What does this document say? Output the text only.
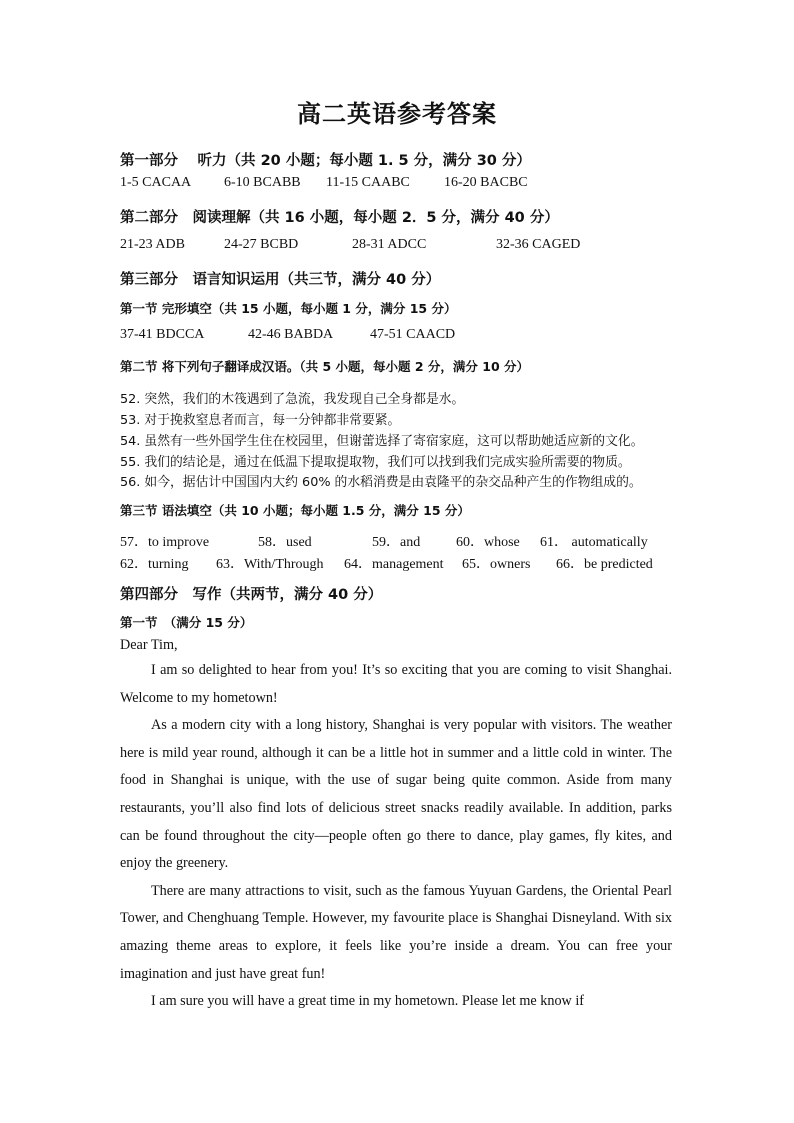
高二英语参考答案
第一部分　 听力（共 20 小题；每小题 1. 5 分，满分 30 分）
1-5 CACAA 6-10 BCABB 11-15 CAABC 16-20 BACBC
第二部分　阅读理解（共 16 小题，每小题 2．5 分，满分 40 分）
21-23 ADB	24-27 BCBD	28-31 ADCC	32-36 CAGED
第三部分　语言知识运用（共三节，满分 40 分）
第一节 完形填空（共 15 小题，每小题 1 分，满分 15 分）
37-41 BDCCA	42-46 BABDA	47-51 CAACD
第二节 将下列句子翻译成汉语。（共 5 小题，每小题 2 分，满分 10 分）
52. 突然，我们的木筏遇到了急流，我发现自己全身都是水。
53. 对于挽救窒息者而言，每一分钟都非常要紧。
54. 虽然有一些外国学生住在校园里，但谢蕾选择了寄宿家庭，这可以帮助她适应新的文化。
55. 我们的结论是，通过在低温下提取提取物，我们可以找到我们完成实验所需要的物质。
56. 如今，据估计中国国内大约 60% 的水稻消费是由袁隆平的杂交品种产生的作物组成的。
第三节 语法填空（共 10 小题；每小题 1.5 分，满分 15 分）
57．to improve	58．used	59．and	60．whose 61． automatically
62．turning 63．With/Through 64．management 65．owners 66．be predicted
第四部分　写作（共两节，满分 40 分）
第一节　（满分 15 分）
Dear Tim,

I am so delighted to hear from you! It’s so exciting that you are coming to visit Shanghai. Welcome to my hometown!

As a modern city with a long history, Shanghai is very popular with visitors. The weather here is mild year round, although it can be a little hot in summer and a little cold in winter. The food in Shanghai is unique, with the use of sugar being quite common. Aside from many restaurants, you’ll also find lots of delicious street snacks readily available. In addition, parks can be found throughout the city—people often go there to dance, play games, fly kites, and enjoy the greenery.

There are many attractions to visit, such as the famous Yuyuan Gardens, the Oriental Pearl Tower, and Chenghuang Temple. However, my favourite place is Shanghai Disneyland. With six amazing theme areas to explore, it feels like you’re inside a dream. You can free your imagination and just have great fun!

I am sure you will have a great time in my hometown. Please let me know if
